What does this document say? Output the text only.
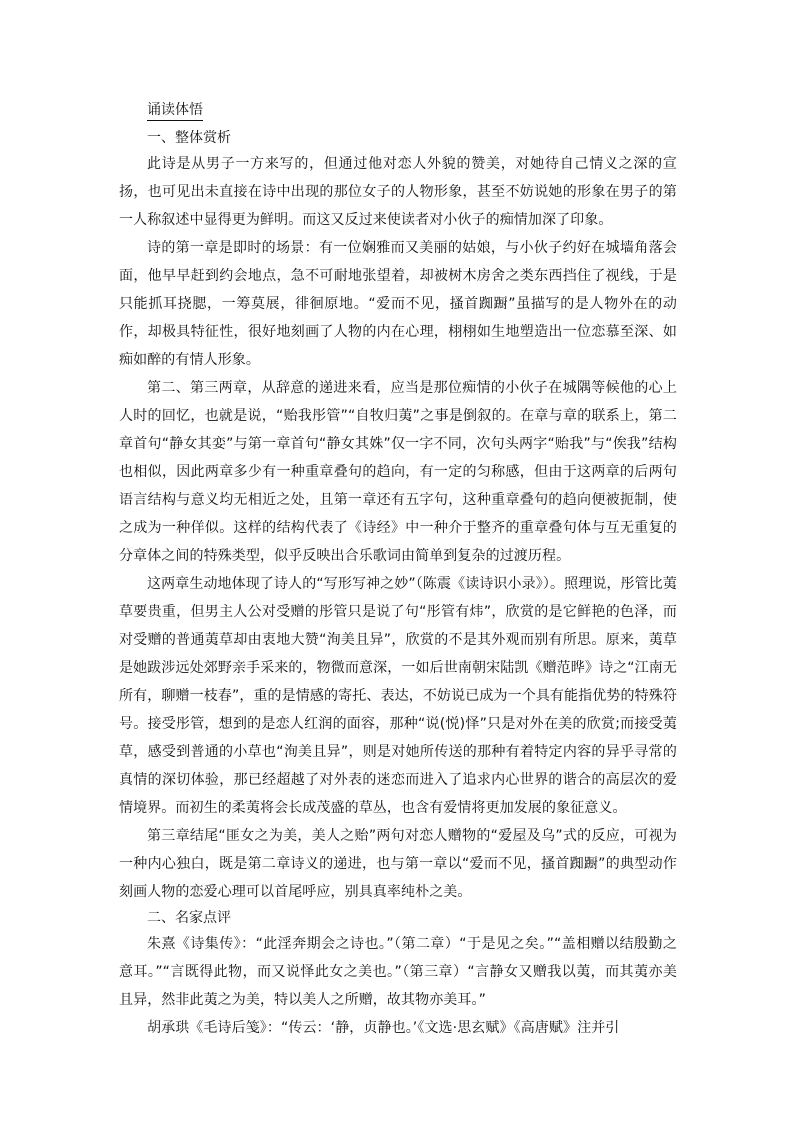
诵读体悟
一、整体赏析

此诗是从男子一方来写的，但通过他对恋人外貌的赞美，对她待自己情义之深的宣扬，也可见出未直接在诗中出现的那位女子的人物形象，甚至不妨说她的形象在男子的第一人称叙述中显得更为鲜明。而这又反过来使读者对小伙子的痴情加深了印象。

诗的第一章是即时的场景：有一位娴雅而又美丽的姑娘，与小伙子约好在城墙角落会面，他早早赶到约会地点，急不可耐地张望着，却被树木房舍之类东西挡住了视线，于是只能抓耳挠腮，一筹莫展，徘徊原地。“爱而不见，搔首踟蹰”虽描写的是人物外在的动作，却极具特征性，很好地刻画了人物的内在心理，栩栩如生地塑造出一位恋慕至深、如痴如醉的有情人形象。

第二、第三两章，从辞意的递进来看，应当是那位痴情的小伙子在城隅等候他的心上人时的回忆，也就是说，“贻我彤管”“自牧归荑”之事是倒叙的。在章与章的联系上，第二章首句“静女其娈”与第一章首句“静女其姝”仅一字不同，次句头两字“贻我”与“俟我”结构也相似，因此两章多少有一种重章叠句的趋向，有一定的匀称感，但由于这两章的后两句语言结构与意义均无相近之处，且第一章还有五字句，这种重章叠句的趋向便被扼制，使之成为一种佯似。这样的结构代表了《诗经》中一种介于整齐的重章叠句体与互无重复的分章体之间的特殊类型，似乎反映出合乐歌词由简单到复杂的过渡历程。

这两章生动地体现了诗人的“写形写神之妙”（陈震《读诗识小录》）。照理说，彤管比荑草要贵重，但男主人公对受赠的彤管只是说了句“彤管有炜”，欣赏的是它鲜艳的色泽，而对受赠的普通荑草却由衷地大赞“洵美且异”，欣赏的不是其外观而别有所思。原来，荑草是她跋涉远处郊野亲手采来的，物微而意深，一如后世南朝宋陆凯《赠范晔》诗之“江南无所有，聊赠一枝春”，重的是情感的寄托、表达，不妨说已成为一个具有能指优势的特殊符号。接受彤管，想到的是恋人红润的面容，那种“说(悦)怿”只是对外在美的欣赏;而接受荑草，感受到普通的小草也“洵美且异”，则是对她所传送的那种有着特定内容的异乎寻常的真情的深切体验，那已经超越了对外表的迷恋而进入了追求内心世界的谐合的高层次的爱情境界。而初生的柔荑将会长成茂盛的草丛，也含有爱情将更加发展的象征意义。

第三章结尾“匪女之为美，美人之贻”两句对恋人赠物的“爱屋及乌”式的反应，可视为一种内心独白，既是第二章诗义的递进，也与第一章以“爱而不见，搔首踟蹰”的典型动作刻画人物的恋爱心理可以首尾呼应，别具真率纯朴之美。

二、名家点评

朱熹《诗集传》：“此淫奔期会之诗也。”（第二章）“于是见之矣。”“盖相赠以结殷勤之意耳。”“言既得此物，而又说怿此女之美也。”（第三章）“言静女又赠我以荑，而其荑亦美且异，然非此荑之为美，特以美人之所赠，故其物亦美耳。”

胡承珙《毛诗后笺》：“传云：‘静，贞静也。’《文选·思玄赋》《高唐赋》注并引
